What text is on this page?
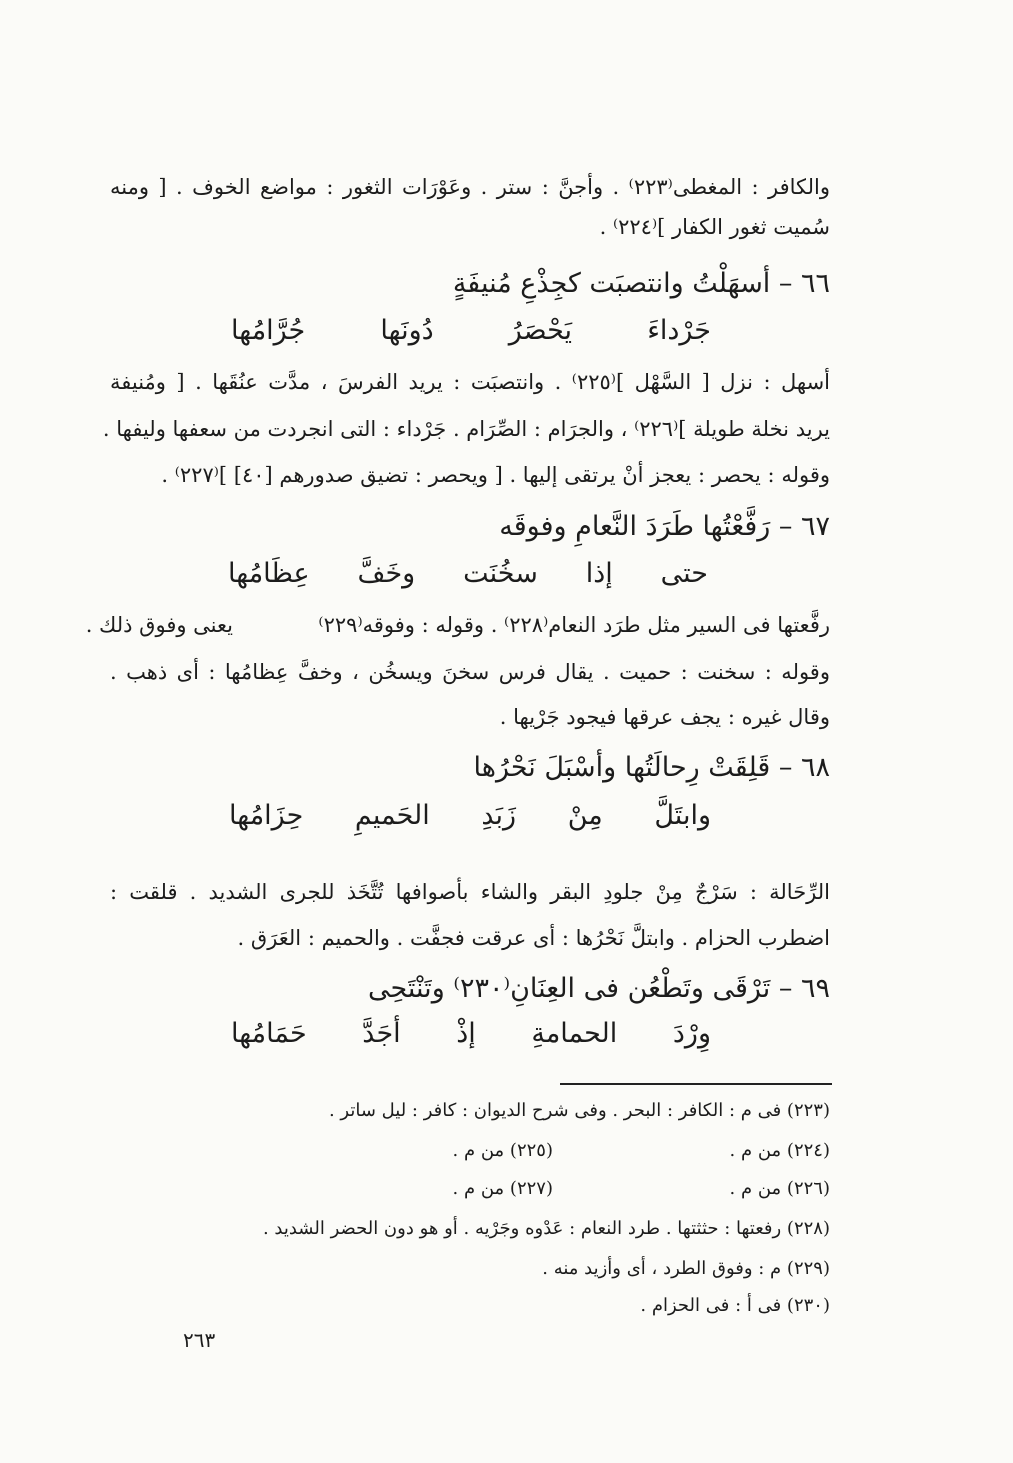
والكافر : المغطى⁽٢٢٣⁾ . وأجنَّ : ستر . وعَوْرَات الثغور : مواضع الخوف . [ ومنه
سُميت ثغور الكفار ]⁽٢٢٤⁾ .
٦٦ – أسهَلْتُ وانتصبَت كجِذْعِ مُنيفَةٍ
جَرْداءَ
يَحْصَرُ
دُونَها
جُرَّامُها
أسهل : نزل [ السَّهْل ]⁽٢٢٥⁾ . وانتصبَت : يريد الفرسَ ، مدَّت عنُقَها . [ ومُنيفة
يريد نخلة طويلة ]⁽٢٢٦⁾ ، والجرَام : الصِّرَام . جَرْداء : التى انجردت من سعفها وليفها .
وقوله : يحصر : يعجز أنْ يرتقى إليها . [ ويحصر : تضيق صدورهم [٤٠] ]⁽٢٢٧⁾ .
٦٧ – رَفَّعْتُها طَرَدَ النَّعامِ وفوقَه
حتى
إذا
سخُنَت
وخَفَّ
عِظَامُها
رفَّعتها فى السير مثل طرَد النعام⁽٢٢٨⁾ . وقوله : وفوقه⁽٢٢٩⁾
يعنى وفوق ذلك .
وقوله : سخنت : حميت . يقال فرس سخنَ ويسخُن ، وخفَّ عِظامُها : أى ذهب .
وقال غيره : يجف عرقها فيجود جَرْيها .
٦٨ – قَلِقَتْ رِحالَتُها وأسْبَلَ نَحْرُها
وابتَلَّ
مِنْ
زَبَدِ
الحَميمِ
حِزَامُها
الرِّحَالة : سَرْجٌ مِنْ جلودِ البقر والشاء بأصوافها تُتَّخَذ للجرى الشديد . قلقت :
اضطرب الحزام . وابتلَّ نَحْرُها : أى عرقت فجفَّت . والحميم : العَرَق .
٦٩ – تَرْقَى وتَطْعُن فى العِنَانِ⁽٢٣٠⁾ وتَنْتَحِى
وِرْدَ
الحمامةِ
إذْ
أجَدَّ
حَمَامُها
(٢٢٣) فى م : الكافر : البحر . وفى شرح الديوان : كافر : ليل ساتر .
(٢٢٤) من م .
(٢٢٥) من م .
(٢٢٦) من م .
(٢٢٧) من م .
(٢٢٨) رفعتها : حثثتها . طرد النعام : عَدْوه وجَرْيه . أو هو دون الحضر الشديد .
(٢٢٩) م : وفوق الطرد ، أى وأزيد منه .
(٢٣٠) فى أ : فى الحزام .
٢٦٣
